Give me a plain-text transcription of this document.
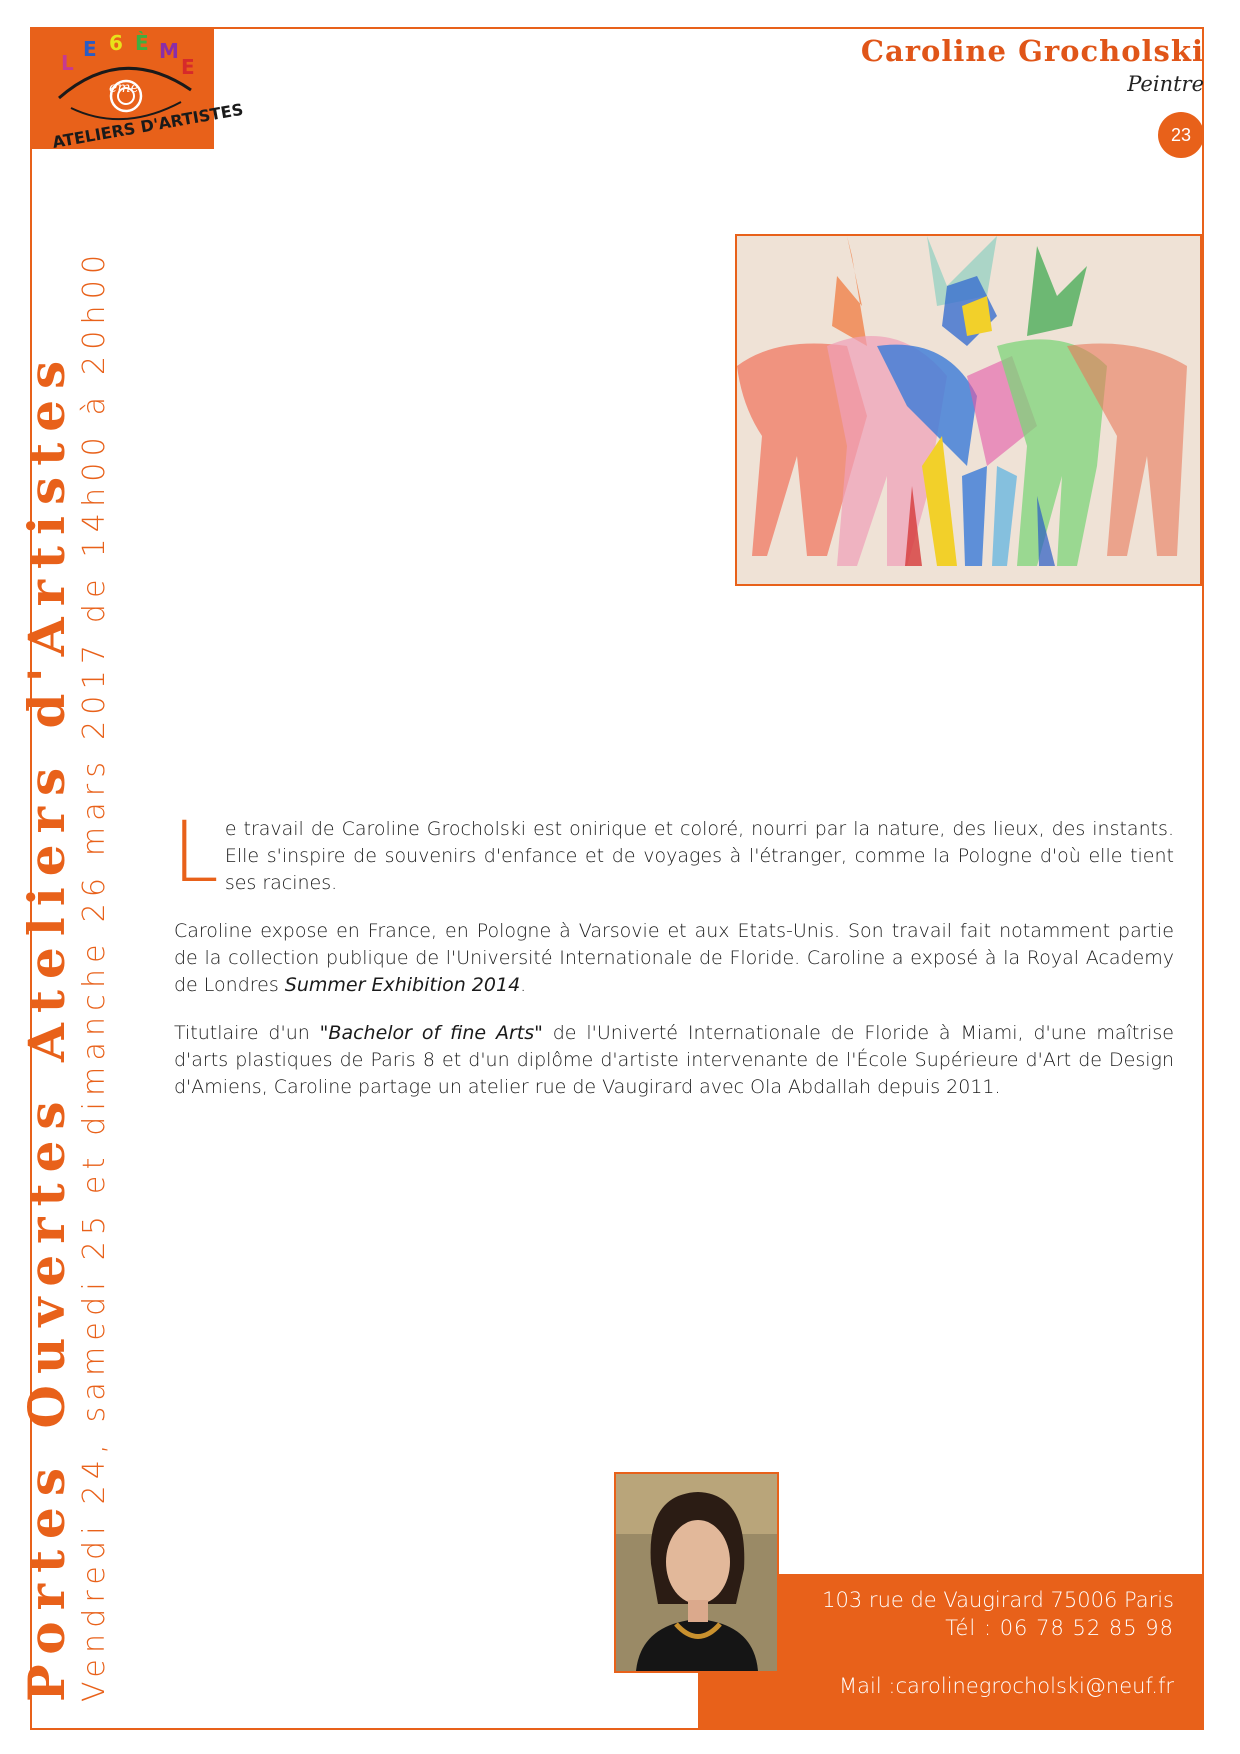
L
E 6 È M
E
eme
ATELIERS D'ARTISTES
Caroline Grocholski
Peintre
23
Portes Ouvertes Ateliers d'Artistes Vendredi 24, samedi 25 et dimanche 26 mars 2017 de 14h00 à 20h00 Le travail de Caroline Grocholski est onirique et coloré, nourri par la nature, des lieux, des instants. Elle s'inspire de souvenirs d'enfance et de voyages à l'étranger, comme la Pologne d'où elle tient ses racines.

Caroline expose en France, en Pologne à Varsovie et aux Etats-Unis. Son travail fait notamment partie de la collection publique de l'Université Internationale de Floride. Caroline a exposé à la Royal Academy de Londres Summer Exhibition 2014.

Titutlaire d'un "Bachelor of fine Arts" de l'Univerté Internationale de Floride à Miami, d'une maîtrise d'arts plastiques de Paris 8 et d'un diplôme d'artiste intervenante de l'École Supérieure d'Art de Design d'Amiens, Caroline partage un atelier rue de Vaugirard avec Ola Abdallah depuis 2011.

103 rue de Vaugirard 75006 Paris
Tél : 06 78 52 85 98
Mail :carolinegrocholski@neuf.fr
